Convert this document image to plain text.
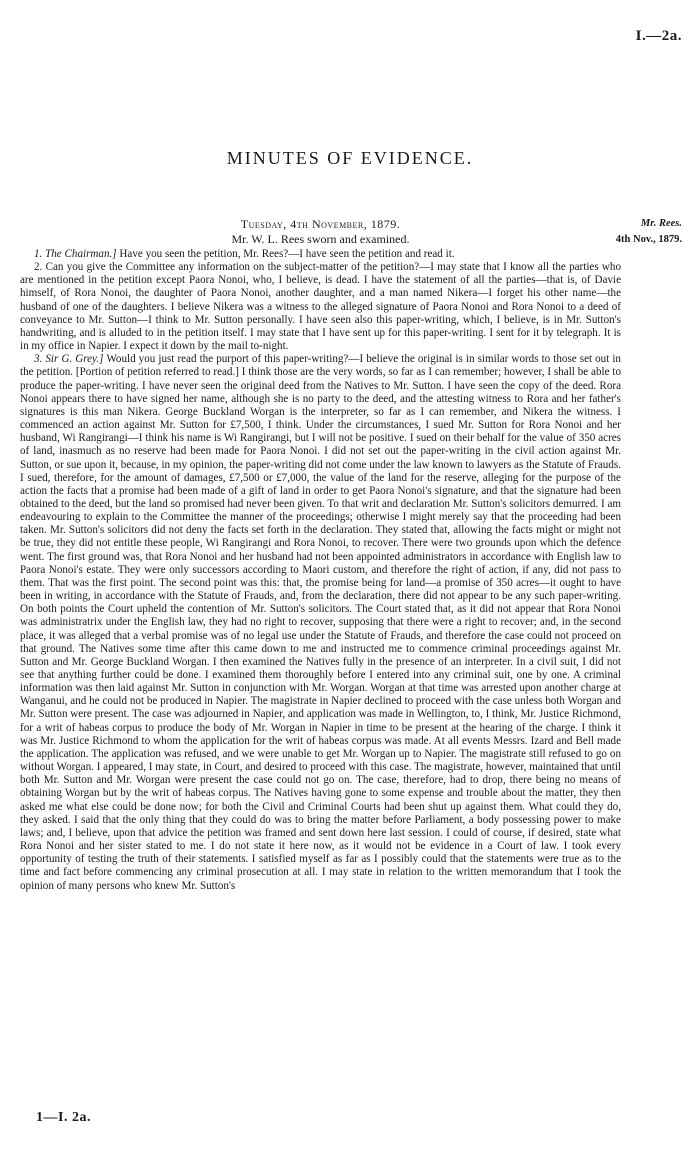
I.—2a.
MINUTES OF EVIDENCE.
Tuesday, 4th November, 1879.
Mr. W. L. Rees sworn and examined.
Mr. Rees.
4th Nov., 1879.

1. The Chairman.] Have you seen the petition, Mr. Rees?—I have seen the petition and read it.

2. Can you give the Committee any information on the subject-matter of the petition?—I may state that I know all the parties who are mentioned in the petition except Paora Nonoi, who, I believe, is dead. I have the statement of all the parties—that is, of Davie himself, of Rora Nonoi, the daughter of Paora Nonoi, another daughter, and a man named Nikera—I forget his other name—the husband of one of the daughters. I believe Nikera was a witness to the alleged signature of Paora Nonoi and Rora Nonoi to a deed of conveyance to Mr. Sutton—I think to Mr. Sutton personally. I have seen also this paper-writing, which, I believe, is in Mr. Sutton's handwriting, and is alluded to in the petition itself. I may state that I have sent up for this paper-writing. I sent for it by telegraph. It is in my office in Napier. I expect it down by the mail to-night.

3. Sir G. Grey.] Would you just read the purport of this paper-writing?—I believe the original is in similar words to those set out in the petition. [Portion of petition referred to read.] I think those are the very words, so far as I can remember; however, I shall be able to produce the paper-writing. I have never seen the original deed from the Natives to Mr. Sutton. I have seen the copy of the deed. Rora Nonoi appears there to have signed her name, although she is no party to the deed, and the attesting witness to Rora and her father's signatures is this man Nikera. George Buckland Worgan is the interpreter, so far as I can remember, and Nikera the witness. I commenced an action against Mr. Sutton for £7,500, I think. Under the circumstances, I sued Mr. Sutton for Rora Nonoi and her husband, Wi Rangirangi—I think his name is Wi Rangirangi, but I will not be positive. I sued on their behalf for the value of 350 acres of land, inasmuch as no reserve had been made for Paora Nonoi. I did not set out the paper-writing in the civil action against Mr. Sutton, or sue upon it, because, in my opinion, the paper-writing did not come under the law known to lawyers as the Statute of Frauds. I sued, therefore, for the amount of damages, £7,500 or £7,000, the value of the land for the reserve, alleging for the purpose of the action the facts that a promise had been made of a gift of land in order to get Paora Nonoi's signature, and that the signature had been obtained to the deed, but the land so promised had never been given. To that writ and declaration Mr. Sutton's solicitors demurred. I am endeavouring to explain to the Committee the manner of the proceedings; otherwise I might merely say that the proceeding had been taken. Mr. Sutton's solicitors did not deny the facts set forth in the declaration. They stated that, allowing the facts might or might not be true, they did not entitle these people, Wi Rangirangi and Rora Nonoi, to recover. There were two grounds upon which the defence went. The first ground was, that Rora Nonoi and her husband had not been appointed administrators in accordance with English law to Paora Nonoi's estate. They were only successors according to Maori custom, and therefore the right of action, if any, did not pass to them. That was the first point. The second point was this: that, the promise being for land—a promise of 350 acres—it ought to have been in writing, in accordance with the Statute of Frauds, and, from the declaration, there did not appear to be any such paper-writing. On both points the Court upheld the contention of Mr. Sutton's solicitors. The Court stated that, as it did not appear that Rora Nonoi was administratrix under the English law, they had no right to recover, supposing that there were a right to recover; and, in the second place, it was alleged that a verbal promise was of no legal use under the Statute of Frauds, and therefore the case could not proceed on that ground. The Natives some time after this came down to me and instructed me to commence criminal proceedings against Mr. Sutton and Mr. George Buckland Worgan. I then examined the Natives fully in the presence of an interpreter. In a civil suit, I did not see that anything further could be done. I examined them thoroughly before I entered into any criminal suit, one by one. A criminal information was then laid against Mr. Sutton in conjunction with Mr. Worgan. Worgan at that time was arrested upon another charge at Wanganui, and he could not be produced in Napier. The magistrate in Napier declined to proceed with the case unless both Worgan and Mr. Sutton were present. The case was adjourned in Napier, and application was made in Wellington, to, I think, Mr. Justice Richmond, for a writ of habeas corpus to produce the body of Mr. Worgan in Napier in time to be present at the hearing of the charge. I think it was Mr. Justice Richmond to whom the application for the writ of habeas corpus was made. At all events Messrs. Izard and Bell made the application. The application was refused, and we were unable to get Mr. Worgan up to Napier. The magistrate still refused to go on without Worgan. I appeared, I may state, in Court, and desired to proceed with this case. The magistrate, however, maintained that until both Mr. Sutton and Mr. Worgan were present the case could not go on. The case, therefore, had to drop, there being no means of obtaining Worgan but by the writ of habeas corpus. The Natives having gone to some expense and trouble about the matter, they then asked me what else could be done now; for both the Civil and Criminal Courts had been shut up against them. What could they do, they asked. I said that the only thing that they could do was to bring the matter before Parliament, a body possessing power to make laws; and, I believe, upon that advice the petition was framed and sent down here last session. I could of course, if desired, state what Rora Nonoi and her sister stated to me. I do not state it here now, as it would not be evidence in a Court of law. I took every opportunity of testing the truth of their statements. I satisfied myself as far as I possibly could that the statements were true as to the time and fact before commencing any criminal prosecution at all. I may state in relation to the written memorandum that I took the opinion of many persons who knew Mr. Sutton's

1—I. 2a.
